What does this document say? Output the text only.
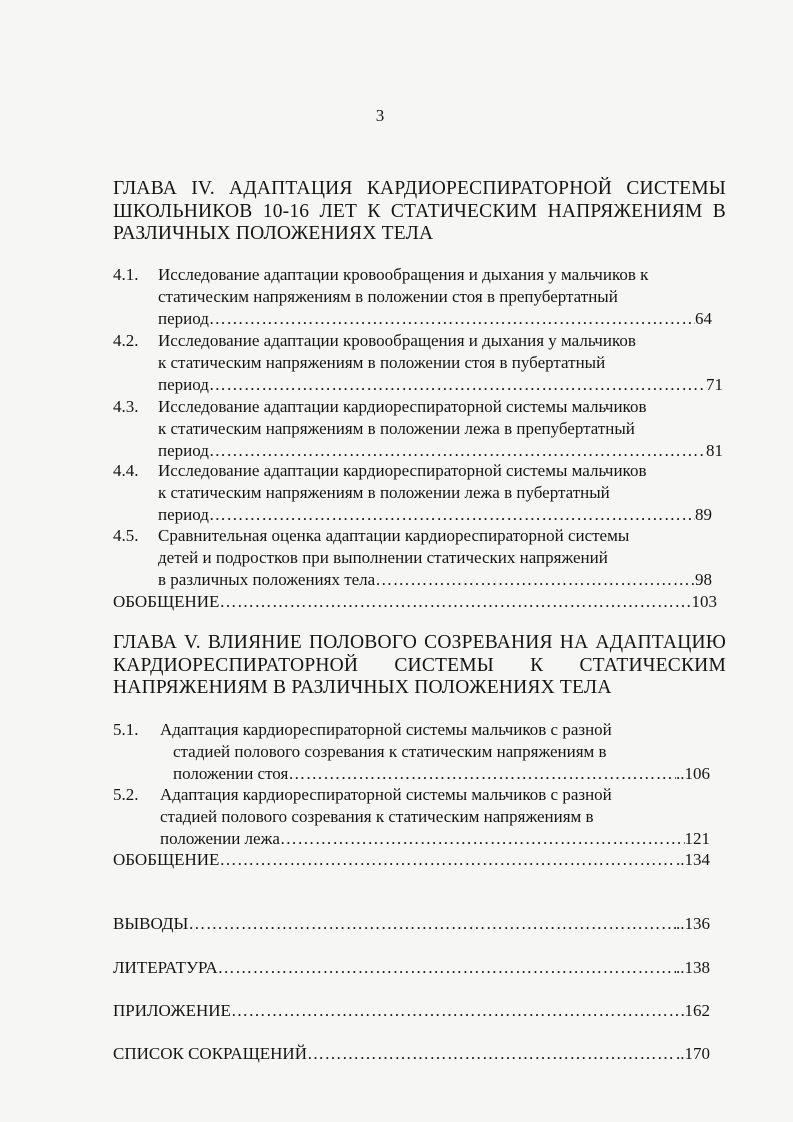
3
ГЛАВА IV. АДАПТАЦИЯ КАРДИОРЕСПИРАТОРНОЙ СИСТЕМЫ
ШКОЛЬНИКОВ 10-16 ЛЕТ К СТАТИЧЕСКИМ НАПРЯЖЕНИЯМ В
РАЗЛИЧНЫХ ПОЛОЖЕНИЯХ ТЕЛА
4.1. Исследование адаптации кровообращения и дыхания у мальчиков к
статическим напряжениям в положении стоя в препубертатный
период …………………………………………………………………………………………………………………………………………………	64
4.2. Исследование адаптации кровообращения и дыхания у мальчиков
к статическим напряжениям в положении стоя в пубертатный
период …………………………………………………………………………………………………………………………………………………	71
4.3. Исследование адаптации кардиореспираторной системы мальчиков
к статическим напряжениям в положении лежа в препубертатный
период …………………………………………………………………………………………………………………………………………………	81
4.4. Исследование адаптации кардиореспираторной системы мальчиков
к статическим напряжениям в положении лежа в пубертатный
период …………………………………………………………………………………………………………………………………………………	89
4.5. Сравнительная оценка адаптации кардиореспираторной системы
детей и подростков при выполнении статических напряжений
в различных положениях тела …………………………………………………………………………………………………………………………………………………	.98
ОБОБЩЕНИЕ …………………………………………………………………………………………………………………………………………………	103
ГЛАВА V. ВЛИЯНИЕ ПОЛОВОГО СОЗРЕВАНИЯ НА АДАПТАЦИЮ
КАРДИОРЕСПИРАТОРНОЙ СИСТЕМЫ К СТАТИЧЕСКИМ
НАПРЯЖЕНИЯМ В РАЗЛИЧНЫХ ПОЛОЖЕНИЯХ ТЕЛА
5.1. Адаптация кардиореспираторной системы мальчиков с разной
стадией полового созревания к статическим напряжениям в
положении стоя …………………………………………………………………………………………………………………………………………………	..106
5.2. Адаптация кардиореспираторной системы мальчиков с разной
стадией полового созревания к статическим напряжениям в
положении лежа …………………………………………………………………………………………………………………………………………………	121
ОБОБЩЕНИЕ …………………………………………………………………………………………………………………………………………………	..134
ВЫВОДЫ …………………………………………………………………………………………………………………………………………………	..136
ЛИТЕРАТУРА …………………………………………………………………………………………………………………………………………………	..138
ПРИЛОЖЕНИЕ …………………………………………………………………………………………………………………………………………………	162
СПИСОК СОКРАЩЕНИЙ …………………………………………………………………………………………………………………………………………………	..170
